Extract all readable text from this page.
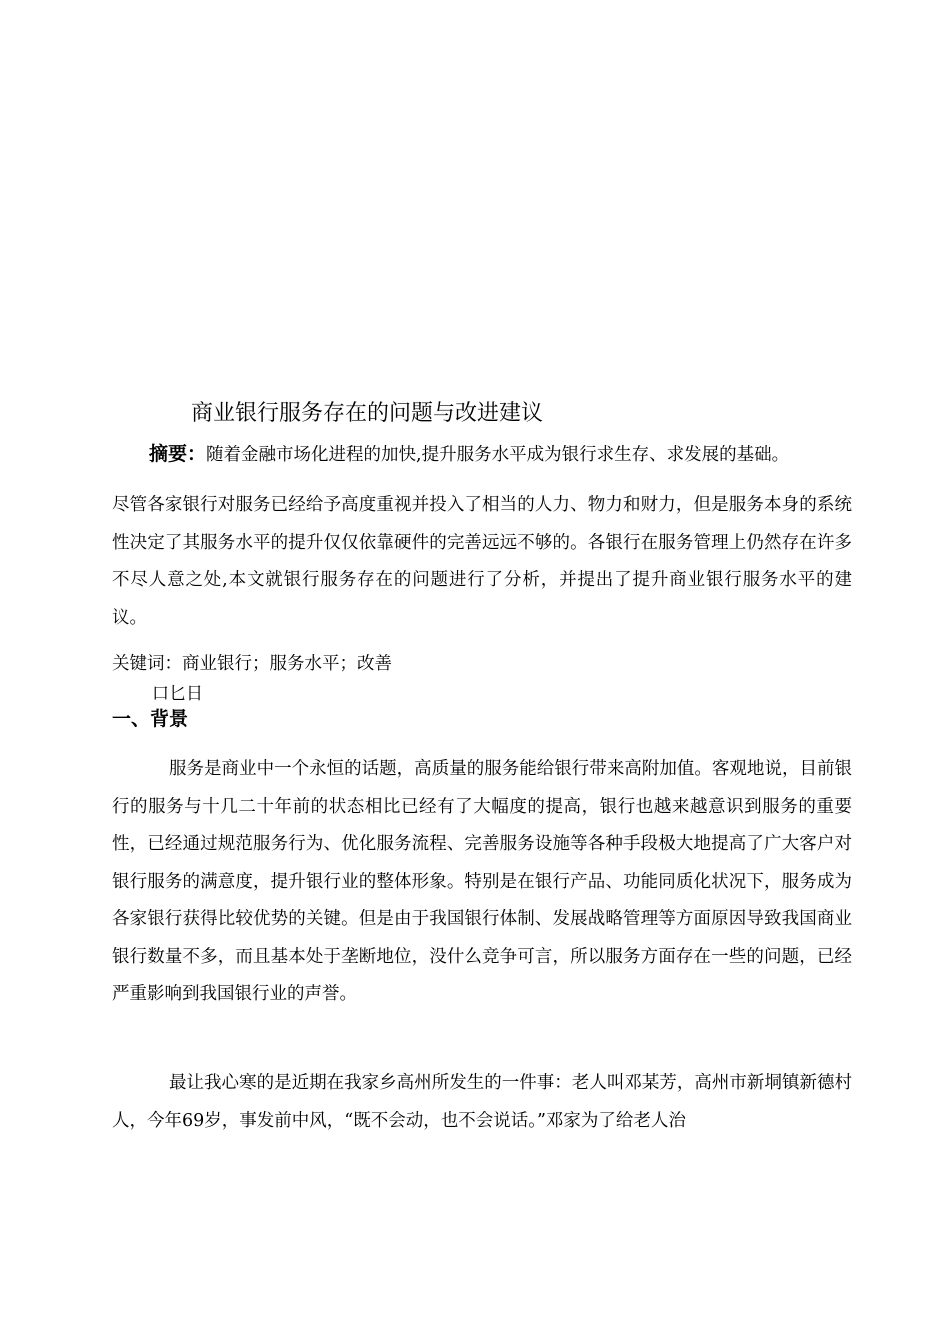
商业银行服务存在的问题与改进建议
摘要：随着金融市场化进程的加快,提升服务水平成为银行求生存、求发展的基础。
尽管各家银行对服务已经给予高度重视并投入了相当的人力、物力和财力，但是服务本身的系统性决定了其服务水平的提升仅仅依靠硬件的完善远远不够的。各银行在服务管理上仍然存在许多不尽人意之处,本文就银行服务存在的问题进行了分析，并提出了提升商业银行服务水平的建议。
关键词：商业银行；服务水平；改善
口匕日
一、背景
服务是商业中一个永恒的话题，高质量的服务能给银行带来高附加值。客观地说，目前银行的服务与十几二十年前的状态相比已经有了大幅度的提高，银行也越来越意识到服务的重要性，已经通过规范服务行为、优化服务流程、完善服务设施等各种手段极大地提高了广大客户对银行服务的满意度，提升银行业的整体形象。特别是在银行产品、功能同质化状况下，服务成为各家银行获得比较优势的关键。但是由于我国银行体制、发展战略管理等方面原因导致我国商业银行数量不多，而且基本处于垄断地位，没什么竞争可言，所以服务方面存在一些的问题，已经严重影响到我国银行业的声誉。
最让我心寒的是近期在我家乡高州所发生的一件事：老人叫邓某芳，高州市新垌镇新德村人，今年69岁，事发前中风，“既不会动，也不会说话。”邓家为了给老人治
